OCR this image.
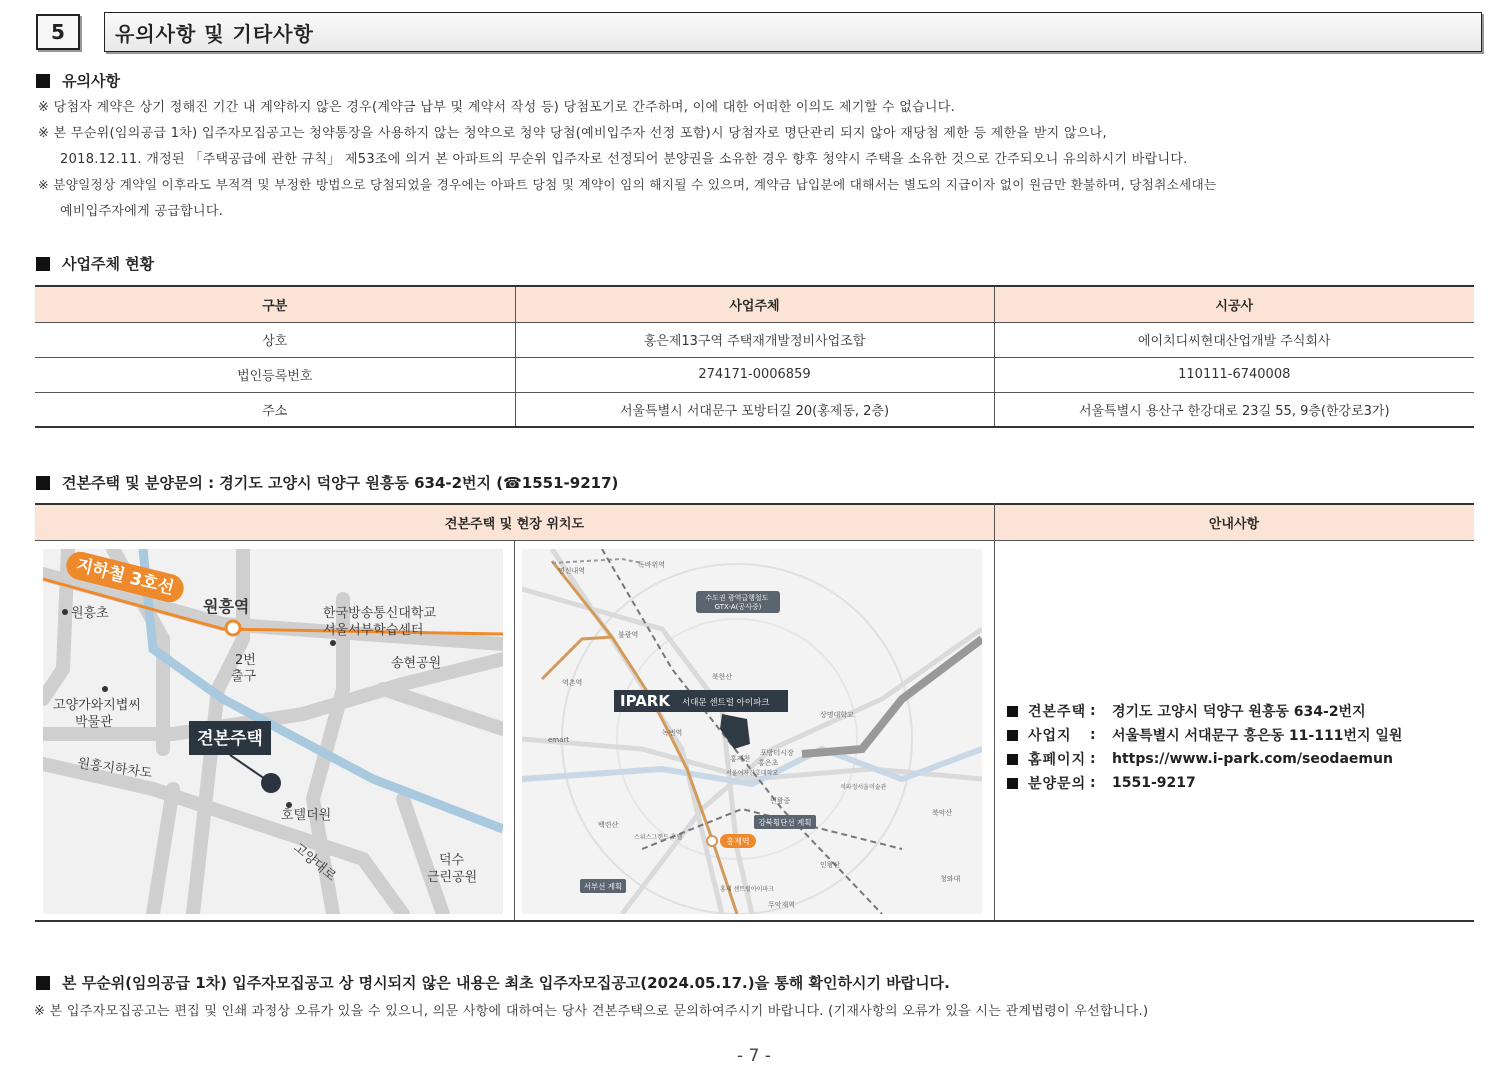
5	유의사항 및 기타사항
유의사항
※ 당첨자 계약은 상기 정해진 기간 내 계약하지 않은 경우(계약금 납부 및 계약서 작성 등) 당첨포기로 간주하며, 이에 대한 어떠한 이의도 제기할 수 없습니다.
※ 본 무순위(임의공급 1차) 입주자모집공고는 청약통장을 사용하지 않는 청약으로 청약 당첨(예비입주자 선정 포함)시 당첨자로 명단관리 되지 않아 재당첨 제한 등 제한을 받지 않으나,
2018.12.11. 개정된 「주택공급에 관한 규칙」 제53조에 의거 본 아파트의 무순위 입주자로 선정되어 분양권을 소유한 경우 향후 청약시 주택을 소유한 것으로 간주되오니 유의하시기 바랍니다.
※ 분양일정상 계약일 이후라도 부적격 및 부정한 방법으로 당첨되었을 경우에는 아파트 당첨 및 계약이 임의 해지될 수 있으며, 계약금 납입분에 대해서는 별도의 지급이자 없이 원금만 환불하며, 당첨취소세대는
예비입주자에게 공급합니다.
사업주체 현황
구분	사업주체	시공사
상호	홍은제13구역 주택재개발정비사업조합	에이치디씨현대산업개발 주식회사
법인등록번호	274171-0006859	110111-6740008
주소	서울특별시 서대문구 포방터길 20(홍제동, 2층)	서울특별시 용산구 한강대로 23길 55, 9층(한강로3가)
견본주택 및 분양문의 : 경기도 고양시 덕양구 원흥동 634-2번지 (☎1551-9217)
견본주택 및 현장 위치도	안내사항
지하철 3호선
원흥역
원흥초	한국방송통신대학교 서울서부학습센터
2번 출구
송현공원
고양가와지볍씨 박물관
견본주택
원흥지하차도
호텔더원
고양대로	덕수 근린공원
수도권 광역급행철도 GTX-A(공사중)
IPARK 서대문 센트럴 아이파크
강북횡단선 계획
서부선 계획
홍제역
독바위역
연신내역
불광역
북한산
역촌역
상명대학교
녹번역
홍제천
포방터시장
홍은초
서울여자간호대학교
emart
백련산
스위스그랜드 호텔
인왕중
북악산
석파정서울미술관
인왕산
홍제 센트럴아이파크
무악재역
청와대
견본주택 :	경기도 고양시 덕양구 원흥동 634-2번지
사업지	:	서울특별시 서대문구 홍은동 11-111번지 일원
홈페이지 :	https://www.i-park.com/seodaemun
분양문의 :	1551-9217
본 무순위(임의공급 1차) 입주자모집공고 상 명시되지 않은 내용은 최초 입주자모집공고(2024.05.17.)을 통해 확인하시기 바랍니다.
※ 본 입주자모집공고는 편집 및 인쇄 과정상 오류가 있을 수 있으니, 의문 사항에 대하여는 당사 견본주택으로 문의하여주시기 바랍니다. (기재사항의 오류가 있을 시는 관계법령이 우선합니다.)
- 7 -
